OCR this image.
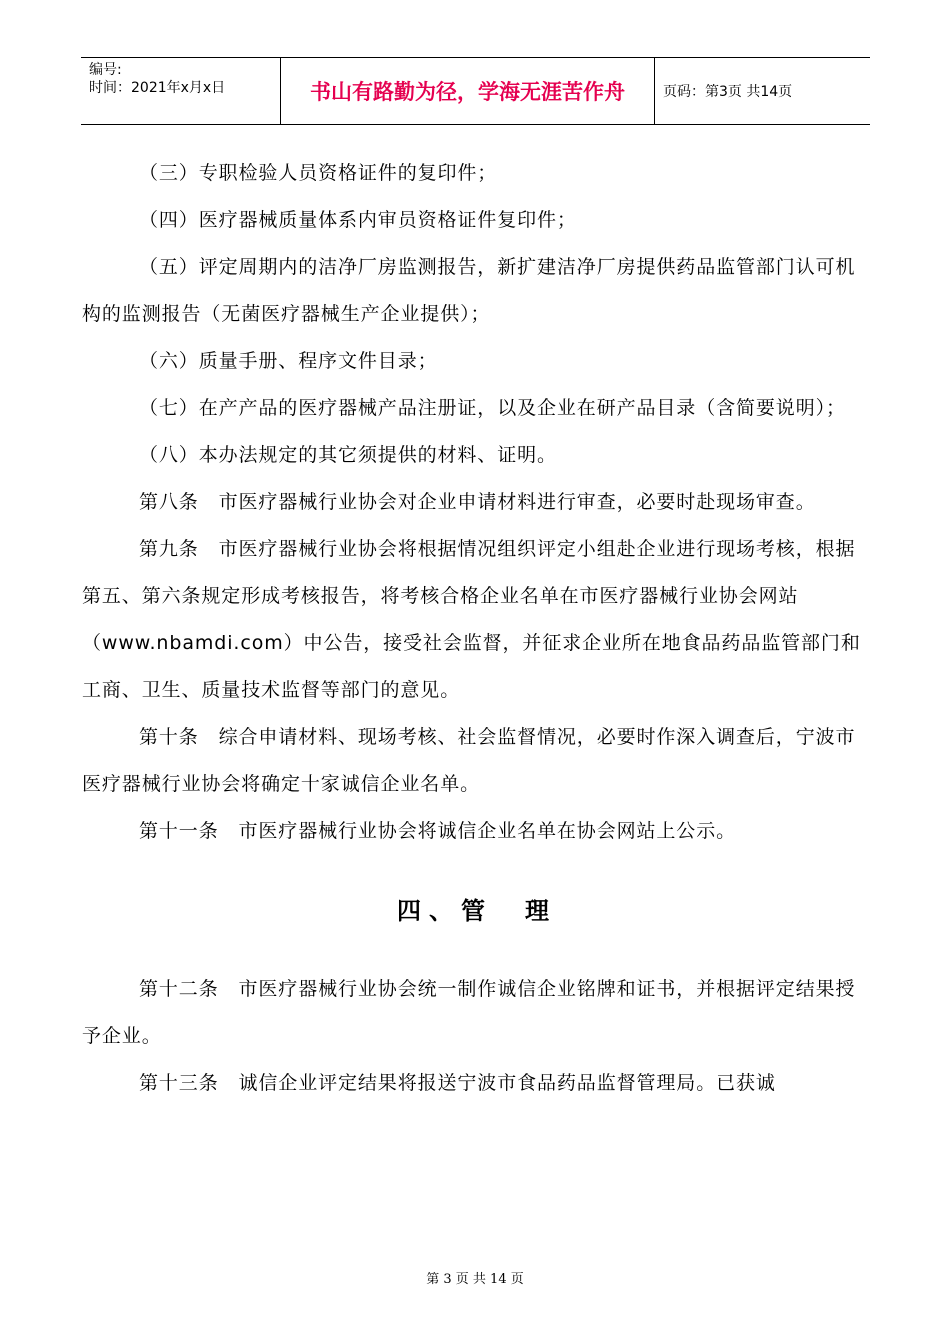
编号:
时间：2021年x月x日	书山有路勤为径，学海无涯苦作舟	页码：第3页 共14页

（三）专职检验人员资格证件的复印件；

（四）医疗器械质量体系内审员资格证件复印件；

（五）评定周期内的洁净厂房监测报告，新扩建洁净厂房提供药品监管部门认可机构的监测报告（无菌医疗器械生产企业提供）；

（六）质量手册、程序文件目录；

（七）在产产品的医疗器械产品注册证，以及企业在研产品目录（含简要说明）；

（八）本办法规定的其它须提供的材料、证明。

第八条　市医疗器械行业协会对企业申请材料进行审查，必要时赴现场审查。

第九条　市医疗器械行业协会将根据情况组织评定小组赴企业进行现场考核，根据第五、第六条规定形成考核报告，将考核合格企业名单在市医疗器械行业协会网站（www.nbamdi.com）中公告，接受社会监督，并征求企业所在地食品药品监管部门和工商、卫生、质量技术监督等部门的意见。

第十条　综合申请材料、现场考核、社会监督情况，必要时作深入调查后，宁波市医疗器械行业协会将确定十家诚信企业名单。

第十一条　市医疗器械行业协会将诚信企业名单在协会网站上公示。

四、管　理

第十二条　市医疗器械行业协会统一制作诚信企业铭牌和证书，并根据评定结果授予企业。

第十三条　诚信企业评定结果将报送宁波市食品药品监督管理局。已获诚

第 3 页 共 14 页
